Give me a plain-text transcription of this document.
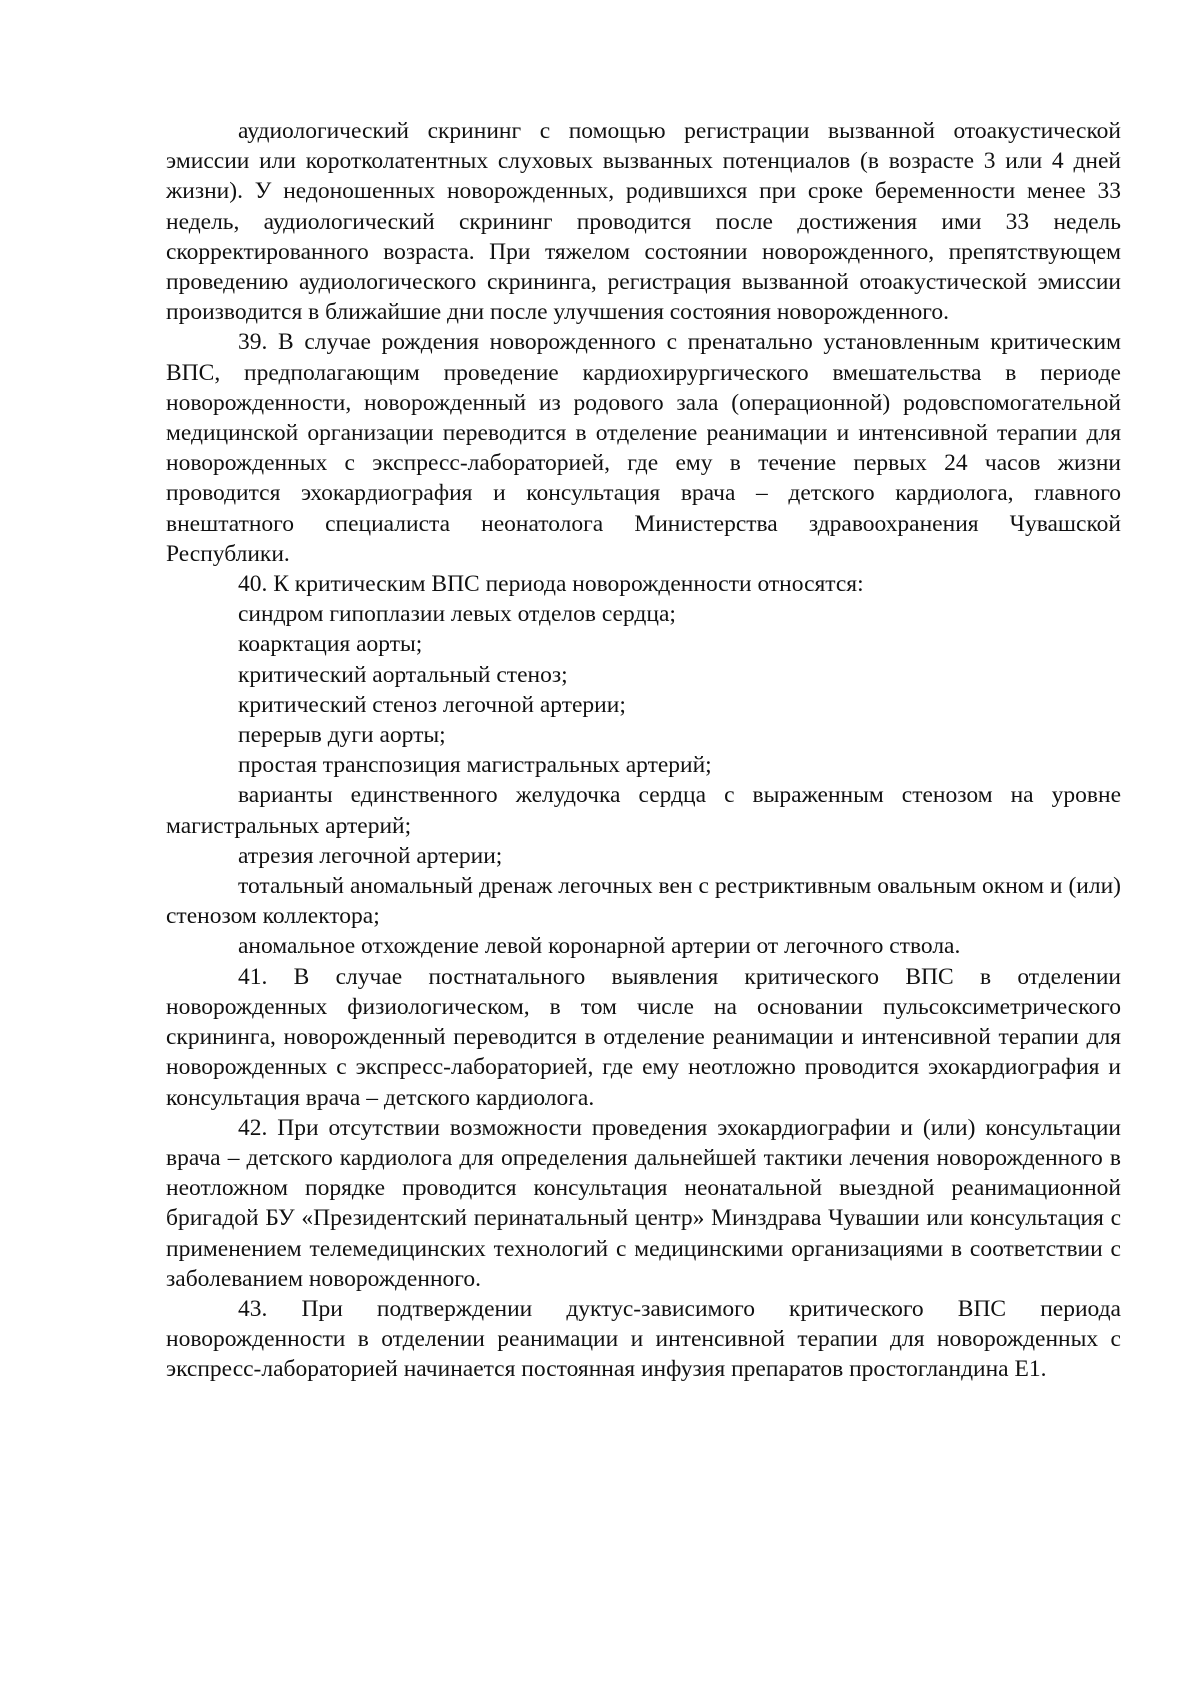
аудиологический скрининг с помощью регистрации вызванной отоакустической эмиссии или коротколатентных слуховых вызванных потенциалов (в возрасте 3 или 4 дней жизни). У недоношенных новорожденных, родившихся при сроке беременности менее 33 недель, аудиологический скрининг проводится после достижения ими 33 недель скорректированного возраста. При тяжелом состоянии новорожденного, препятствующем проведению аудиологического скрининга, регистрация вызванной отоакустической эмиссии производится в ближайшие дни после улучшения состояния новорожденного.

39. В случае рождения новорожденного с пренатально установленным критическим ВПС, предполагающим проведение кардиохирургического вмешательства в периоде новорожденности, новорожденный из родового зала (операционной) родовспомогательной медицинской организации переводится в отделение реанимации и интенсивной терапии для новорожденных с экспресс-лабораторией, где ему в течение первых 24 часов жизни проводится эхокардиография и консультация врача – детского кардиолога, главного внештатного специалиста неонатолога Министерства здравоохранения Чувашской Республики.

40. К критическим ВПС периода новорожденности относятся:

синдром гипоплазии левых отделов сердца;

коарктация аорты;

критический аортальный стеноз;

критический стеноз легочной артерии;

перерыв дуги аорты;

простая транспозиция магистральных артерий;

варианты единственного желудочка сердца с выраженным стенозом на уровне магистральных артерий;

атрезия легочной артерии;

тотальный аномальный дренаж легочных вен с рестриктивным овальным окном и (или) стенозом коллектора;

аномальное отхождение левой коронарной артерии от легочного ствола.

41. В случае постнатального выявления критического ВПС в отделении новорожденных физиологическом, в том числе на основании пульсоксиметрического скрининга, новорожденный переводится в отделение реанимации и интенсивной терапии для новорожденных с экспресс-лабораторией, где ему неотложно проводится эхокардиография и консультация врача – детского кардиолога.

42. При отсутствии возможности проведения эхокардиографии и (или) консультации врача – детского кардиолога для определения дальнейшей тактики лечения новорожденного в неотложном порядке проводится консультация неонатальной выездной реанимационной бригадой БУ «Президентский перинатальный центр» Минздрава Чувашии или консультация с применением телемедицинских технологий с медицинскими организациями в соответствии с заболеванием новорожденного.

43. При подтверждении дуктус-зависимого критического ВПС периода новорожденности в отделении реанимации и интенсивной терапии для новорожденных с экспресс-лабораторией начинается постоянная инфузия препаратов простогландина Е1.
